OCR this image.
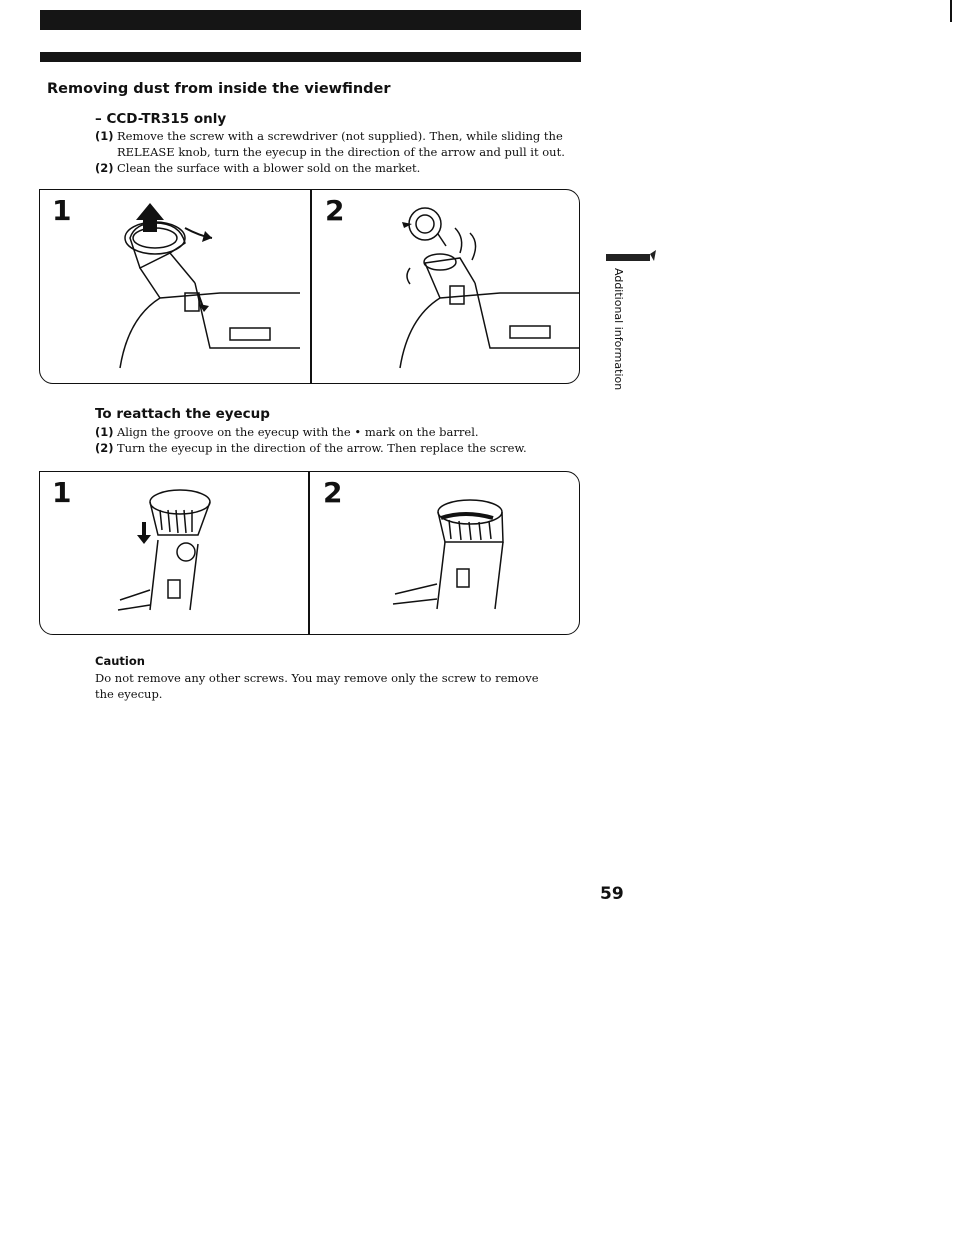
Removing dust from inside the viewfinder
– CCD-TR315 only
(1) Remove the screw with a screwdriver (not supplied). Then, while sliding the RELEASE knob, turn the eyecup in the direction of the arrow and pull it out.
(2) Clean the surface with a blower sold on the market.
1	2
To reattach the eyecup
(1) Align the groove on the eyecup with the • mark on the barrel.
(2) Turn the eyecup in the direction of the arrow. Then replace the screw.
1	2

Caution

Do not remove any other screws. You may remove only the screw to remove the eyecup.

Additional information
59
